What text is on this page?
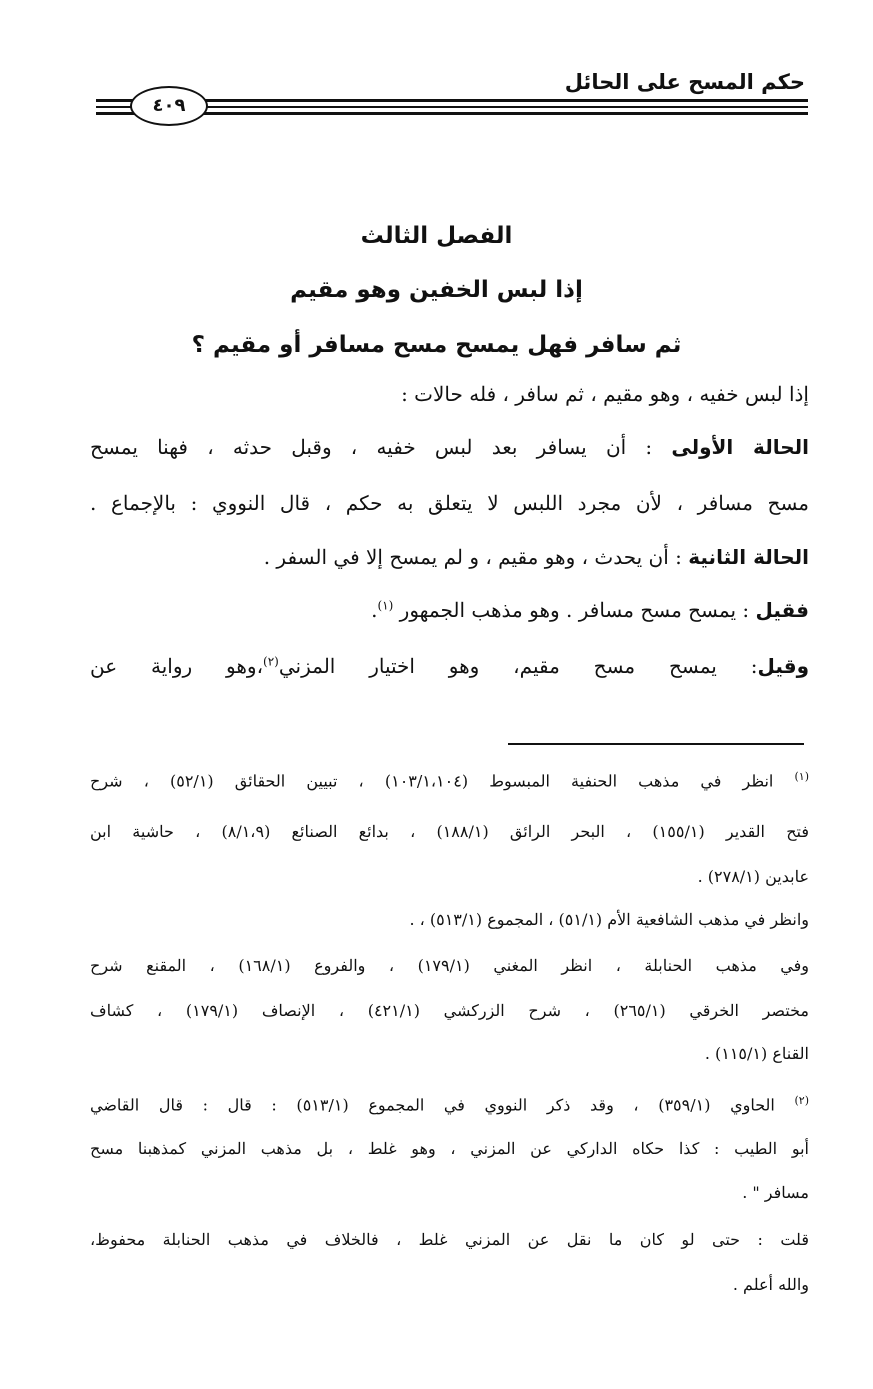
حكم المسح على الحائل
٤٠٩
الفصل الثالث
إذا لبس الخفين وهو مقيم
ثم سافر فهل يمسح مسح مسافر أو مقيم ؟
إذا لبس خفيه ، وهو مقيم ، ثم سافر ، فله حالات :
الحالة الأولى : أن يسافر بعد لبس خفيه ، وقبل حدثه ، فهنا يمسح
مسح مسافر ، لأن مجرد اللبس لا يتعلق به حكم ، قال النووي : بالإجماع .
الحالة الثانية : أن يحدث ، وهو مقيم ، و لم يمسح إلا في السفر .
فقيل : يمسح مسح مسافر . وهو مذهب الجمهور $^{(١)}$.
وقيل: يمسح مسح مقيم، وهو اختيار المزني$^{(٢)}$،وهو رواية عن
$^{(١)}$ انظر في مذهب الحنفية المبسوط (١٠٣/١،١٠٤) ، تبيين الحقائق (٥٢/١) ، شرح
فتح القدير (١٥٥/١) ، البحر الرائق (١٨٨/١) ، بدائع الصنائع (٨/١،٩) ، حاشية ابن
عابدين (٢٧٨/١) .
وانظر في مذهب الشافعية الأم (٥١/١) ، المجموع (٥١٣/١) ، .
وفي مذهب الحنابلة ، انظر المغني (١٧٩/١) ، والفروع (١٦٨/١) ، المقنع شرح
مختصر الخرقي (٢٦٥/١) ، شرح الزركشي (٤٢١/١) ، الإنصاف (١٧٩/١) ، كشاف
القناع (١١٥/١) .
$^{(٢)}$ الحاوي (٣٥٩/١) ، وقد ذكر النووي في المجموع (٥١٣/١) : قال : قال القاضي
أبو الطيب : كذا حكاه الداركي عن المزني ، وهو غلط ، بل مذهب المزني كمذهبنا مسح
مسافر " .
قلت : حتى لو كان ما نقل عن المزني غلط ، فالخلاف في مذهب الحنابلة محفوظ،
والله أعلم .
